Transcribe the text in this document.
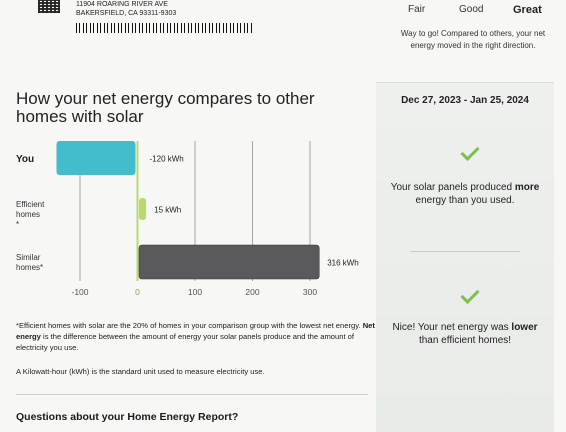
11904 ROARING RIVER AVE
BAKERSFIELD, CA 93311-9303	Fair	Good	Great
Way to go! Compared to others, your net energy moved in the right direction.
How your net energy compares to other homes with solar
-100	0	100	200	300
You
Efficient homes *
Similar homes*
-120 kWh
15 kWh
316 kWh
*Efficient homes with solar are the 20% of homes in your comparison group with the lowest net energy. Net energy is the difference between the amount of energy your solar panels produce and the amount of electricity you use.
A Kilowatt-hour (kWh) is the standard unit used to measure electricity use.
Questions about your Home Energy Report?
Dec 27, 2023 - Jan 25, 2024
Your solar panels produced more energy than you used.
Nice! Your net energy was lower than efficient homes!
